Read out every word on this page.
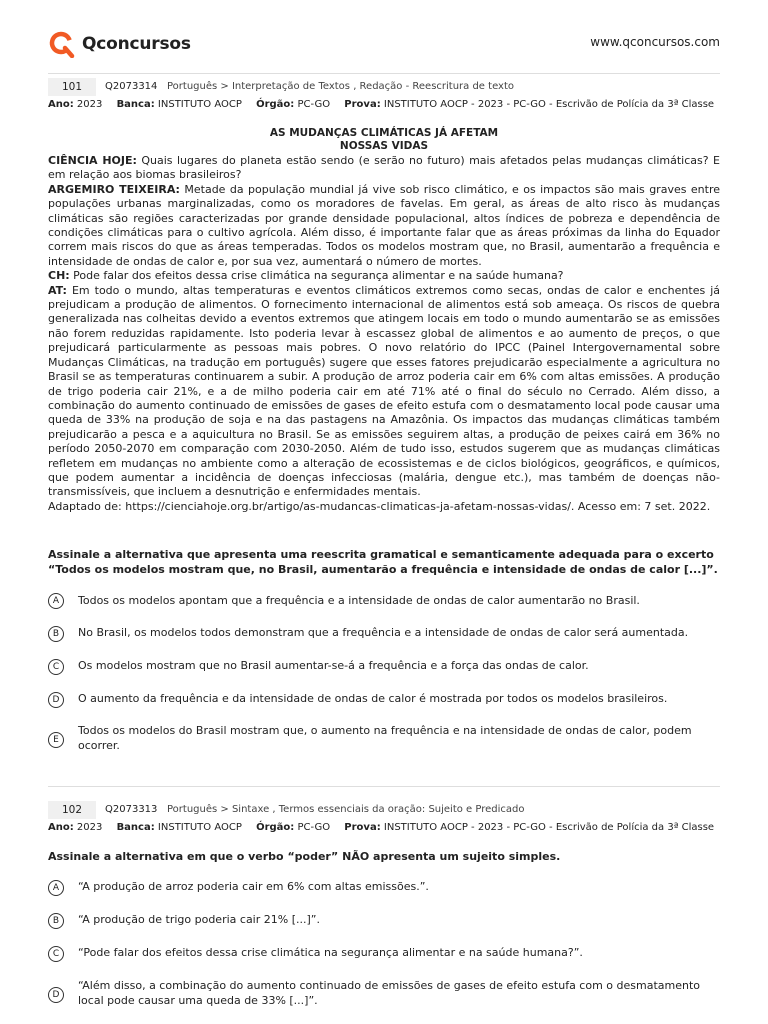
Qconcursos	www.qconcursos.com
101	Q2073314 Português > Interpretação de Textos , Redação - Reescritura de texto
Ano: 2023 Banca: INSTITUTO AOCP Órgão: PC-GO Prova: INSTITUTO AOCP - 2023 - PC-GO - Escrivão de Polícia da 3ª Classe
AS MUDANÇAS CLIMÁTICAS JÁ AFETAM
NOSSAS VIDAS

CIÊNCIA HOJE: Quais lugares do planeta estão sendo (e serão no futuro) mais afetados pelas mudanças climáticas? E em relação aos biomas brasileiros?

ARGEMIRO TEIXEIRA: Metade da população mundial já vive sob risco climático, e os impactos são mais graves entre populações urbanas marginalizadas, como os moradores de favelas. Em geral, as áreas de alto risco às mudanças climáticas são regiões caracterizadas por grande densidade populacional, altos índices de pobreza e dependência de condições climáticas para o cultivo agrícola. Além disso, é importante falar que as áreas próximas da linha do Equador correm mais riscos do que as áreas temperadas. Todos os modelos mostram que, no Brasil, aumentarão a frequência e intensidade de ondas de calor e, por sua vez, aumentará o número de mortes.

CH: Pode falar dos efeitos dessa crise climática na segurança alimentar e na saúde humana?

AT: Em todo o mundo, altas temperaturas e eventos climáticos extremos como secas, ondas de calor e enchentes já prejudicam a produção de alimentos. O fornecimento internacional de alimentos está sob ameaça. Os riscos de quebra generalizada nas colheitas devido a eventos extremos que atingem locais em todo o mundo aumentarão se as emissões não forem reduzidas rapidamente. Isto poderia levar à escassez global de alimentos e ao aumento de preços, o que prejudicará particularmente as pessoas mais pobres. O novo relatório do IPCC (Painel Intergovernamental sobre Mudanças Climáticas, na tradução em português) sugere que esses fatores prejudicarão especialmente a agricultura no Brasil se as temperaturas continuarem a subir. A produção de arroz poderia cair em 6% com altas emissões. A produção de trigo poderia cair 21%, e a de milho poderia cair em até 71% até o final do século no Cerrado. Além disso, a combinação do aumento continuado de emissões de gases de efeito estufa com o desmatamento local pode causar uma queda de 33% na produção de soja e na das pastagens na Amazônia. Os impactos das mudanças climáticas também prejudicarão a pesca e a aquicultura no Brasil. Se as emissões seguirem altas, a produção de peixes cairá em 36% no período 2050-2070 em comparação com 2030-2050. Além de tudo isso, estudos sugerem que as mudanças climáticas refletem em mudanças no ambiente como a alteração de ecossistemas e de ciclos biológicos, geográficos, e químicos, que podem aumentar a incidência de doenças infecciosas (malária, dengue etc.), mas também de doenças não-transmissíveis, que incluem a desnutrição e enfermidades mentais.

Adaptado de: https://cienciahoje.org.br/artigo/as-mudancas-climaticas-ja-afetam-nossas-vidas/. Acesso em: 7 set. 2022.

Assinale a alternativa que apresenta uma reescrita gramatical e semanticamente adequada para o excerto “Todos os modelos mostram que, no Brasil, aumentarão a frequência e intensidade de ondas de calor [...]”.
A	Todos os modelos apontam que a frequência e a intensidade de ondas de calor aumentarão no Brasil.
B	No Brasil, os modelos todos demonstram que a frequência e a intensidade de ondas de calor será aumentada.
C	Os modelos mostram que no Brasil aumentar-se-á a frequência e a força das ondas de calor.
D	O aumento da frequência e da intensidade de ondas de calor é mostrada por todos os modelos brasileiros.
E
Todos os modelos do Brasil mostram que, o aumento na frequência e na intensidade de ondas de calor, podem ocorrer.
102	Q2073313 Português > Sintaxe , Termos essenciais da oração: Sujeito e Predicado
Ano: 2023 Banca: INSTITUTO AOCP Órgão: PC-GO Prova: INSTITUTO AOCP - 2023 - PC-GO - Escrivão de Polícia da 3ª Classe
Assinale a alternativa em que o verbo “poder” NÃO apresenta um sujeito simples.
A	“A produção de arroz poderia cair em 6% com altas emissões.”.
B	“A produção de trigo poderia cair 21% [...]”.
C	“Pode falar dos efeitos dessa crise climática na segurança alimentar e na saúde humana?”.
D
“Além disso, a combinação do aumento continuado de emissões de gases de efeito estufa com o desmatamento local pode causar uma queda de 33% [...]”.
